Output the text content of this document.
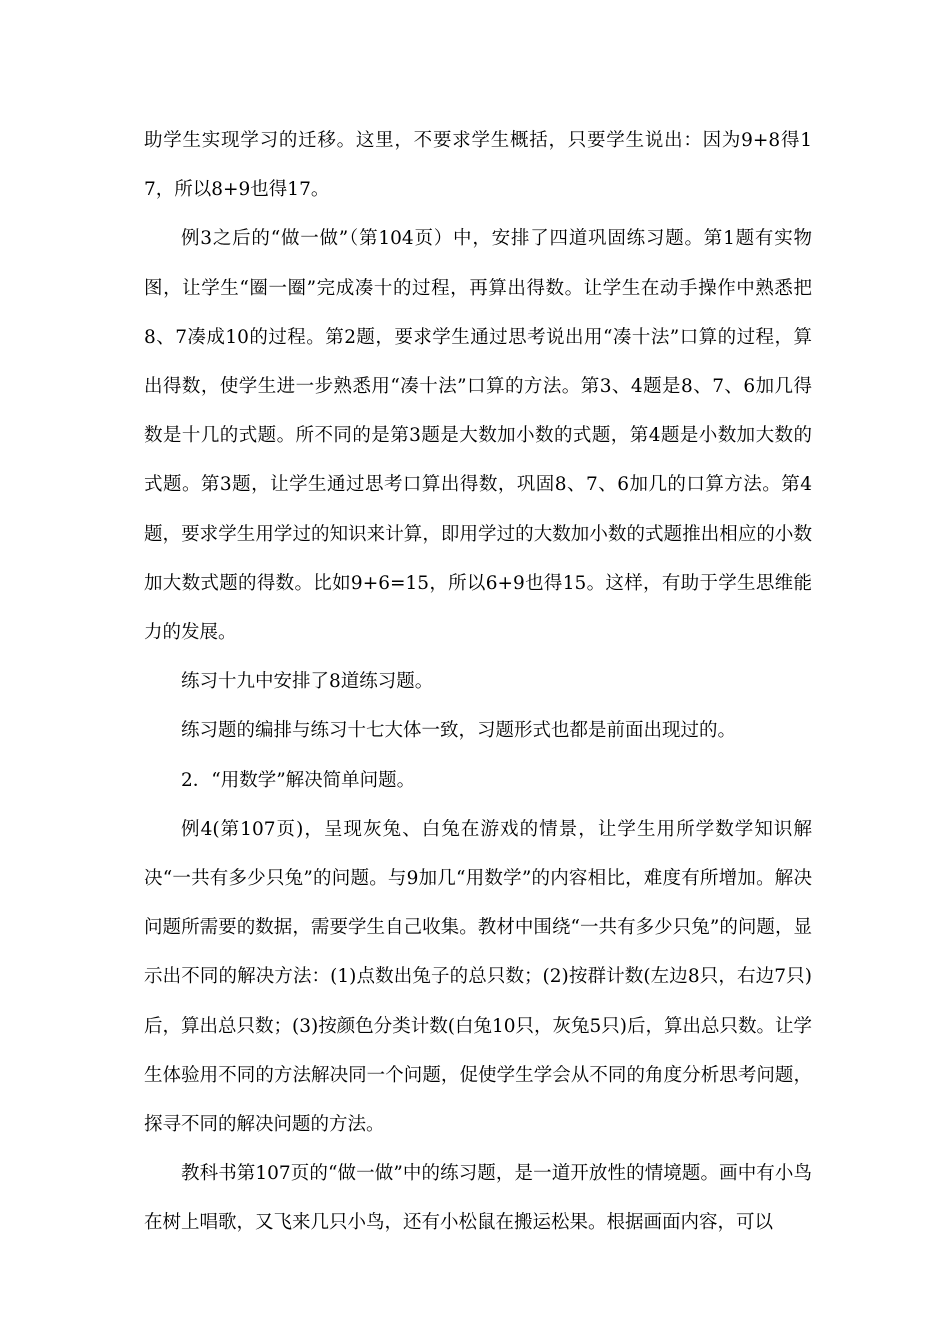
助学生实现学习的迁移。这里，不要求学生概括，只要学生说出：因为9+8得17，所以8+9也得17。

例3之后的“做一做”（第104页）中，安排了四道巩固练习题。第1题有实物图，让学生“圈一圈”完成凑十的过程，再算出得数。让学生在动手操作中熟悉把8、7凑成10的过程。第2题，要求学生通过思考说出用“凑十法”口算的过程，算出得数，使学生进一步熟悉用“凑十法”口算的方法。第3、4题是8、7、6加几得数是十几的式题。所不同的是第3题是大数加小数的式题，第4题是小数加大数的式题。第3题，让学生通过思考口算出得数，巩固8、7、6加几的口算方法。第4题，要求学生用学过的知识来计算，即用学过的大数加小数的式题推出相应的小数加大数式题的得数。比如9+6=15，所以6+9也得15。这样，有助于学生思维能力的发展。

练习十九中安排了8道练习题。

练习题的编排与练习十七大体一致，习题形式也都是前面出现过的。

2．“用数学”解决简单问题。

例4(第107页)，呈现灰兔、白兔在游戏的情景，让学生用所学数学知识解决“一共有多少只兔”的问题。与9加几“用数学”的内容相比，难度有所增加。解决问题所需要的数据，需要学生自己收集。教材中围绕“一共有多少只兔”的问题，显示出不同的解决方法：(1)点数出兔子的总只数；(2)按群计数(左边8只，右边7只)后，算出总只数；(3)按颜色分类计数(白兔10只，灰兔5只)后，算出总只数。让学生体验用不同的方法解决同一个问题，促使学生学会从不同的角度分析思考问题，探寻不同的解决问题的方法。

教科书第107页的“做一做”中的练习题，是一道开放性的情境题。画中有小鸟在树上唱歌，又飞来几只小鸟，还有小松鼠在搬运松果。根据画面内容，可以
